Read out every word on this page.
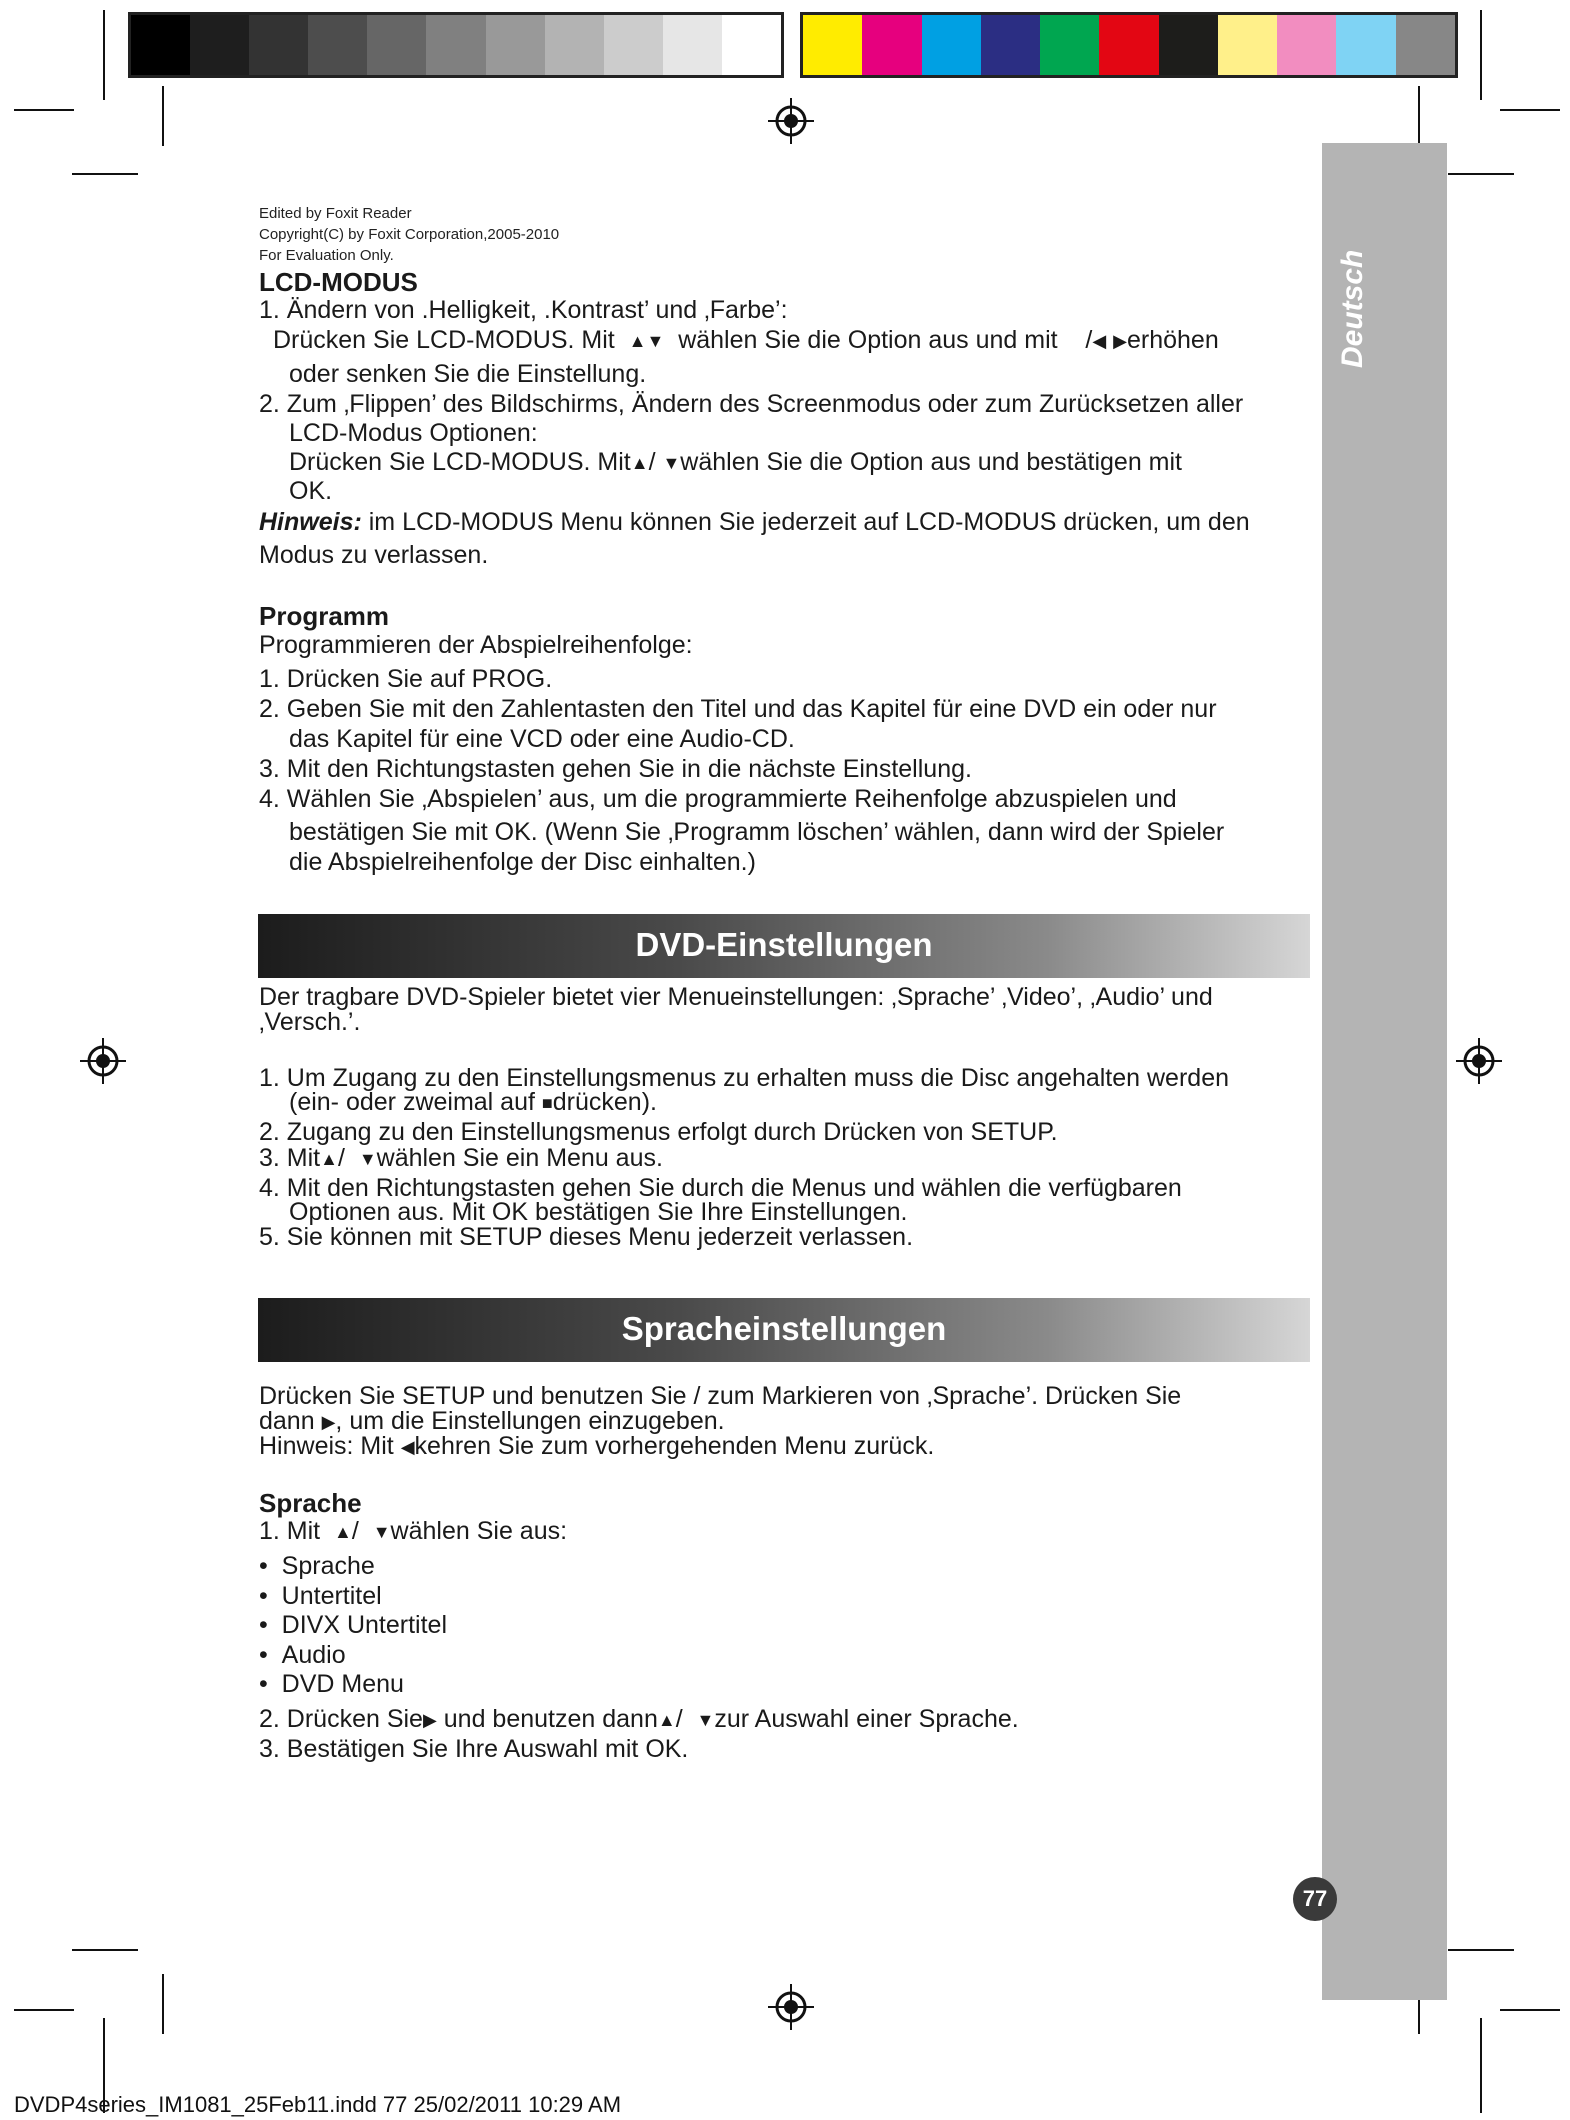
Deutsch
Edited by Foxit Reader
Copyright(C) by Foxit Corporation,2005-2010
For Evaluation Only.
LCD-MODUS
1. Ändern von .Helligkeit, .Kontrast’ und ‚Farbe’:
Drücken Sie LCD-MODUS. Mit ▲▼ wählen Sie die Option aus und mit /◀ ▶erhöhen
oder senken Sie die Einstellung.
2. Zum ‚Flippen’ des Bildschirms, Ändern des Screenmodus oder zum Zurücksetzen aller
LCD-Modus Optionen:
Drücken Sie LCD-MODUS. Mit▲/ ▼wählen Sie die Option aus und bestätigen mit
OK.
Hinweis: im LCD-MODUS Menu können Sie jederzeit auf LCD-MODUS drücken, um den
Modus zu verlassen.
Programm
Programmieren der Abspielreihenfolge:
1. Drücken Sie auf PROG.
2. Geben Sie mit den Zahlentasten den Titel und das Kapitel für eine DVD ein oder nur
das Kapitel für eine VCD oder eine Audio-CD.
3. Mit den Richtungstasten gehen Sie in die nächste Einstellung.
4. Wählen Sie ‚Abspielen’ aus, um die programmierte Reihenfolge abzuspielen und
bestätigen Sie mit OK. (Wenn Sie ‚Programm löschen’ wählen, dann wird der Spieler
die Abspielreihenfolge der Disc einhalten.)
DVD-Einstellungen
Der tragbare DVD-Spieler bietet vier Menueinstellungen: ‚Sprache’ ‚Video’, ‚Audio’ und
‚Versch.’.
1. Um Zugang zu den Einstellungsmenus zu erhalten muss die Disc angehalten werden
(ein- oder zweimal auf ■drücken).
2. Zugang zu den Einstellungsmenus erfolgt durch Drücken von SETUP.
3. Mit▲/ ▼wählen Sie ein Menu aus.
4. Mit den Richtungstasten gehen Sie durch die Menus und wählen die verfügbaren
Optionen aus. Mit OK bestätigen Sie Ihre Einstellungen.
5. Sie können mit SETUP dieses Menu jederzeit verlassen.
Spracheinstellungen
Drücken Sie SETUP und benutzen Sie / zum Markieren von ‚Sprache’. Drücken Sie
dann ▶, um die Einstellungen einzugeben.
Hinweis: Mit ◀kehren Sie zum vorhergehenden Menu zurück.
Sprache
1. Mit ▲/ ▼wählen Sie aus:
• Sprache
• Untertitel
• DIVX Untertitel
• Audio
• DVD Menu
2. Drücken Sie▶ und benutzen dann▲/ ▼zur Auswahl einer Sprache.
3. Bestätigen Sie Ihre Auswahl mit OK.
77
DVDP4series_IM1081_25Feb11.indd 77 25/02/2011 10:29 AM
